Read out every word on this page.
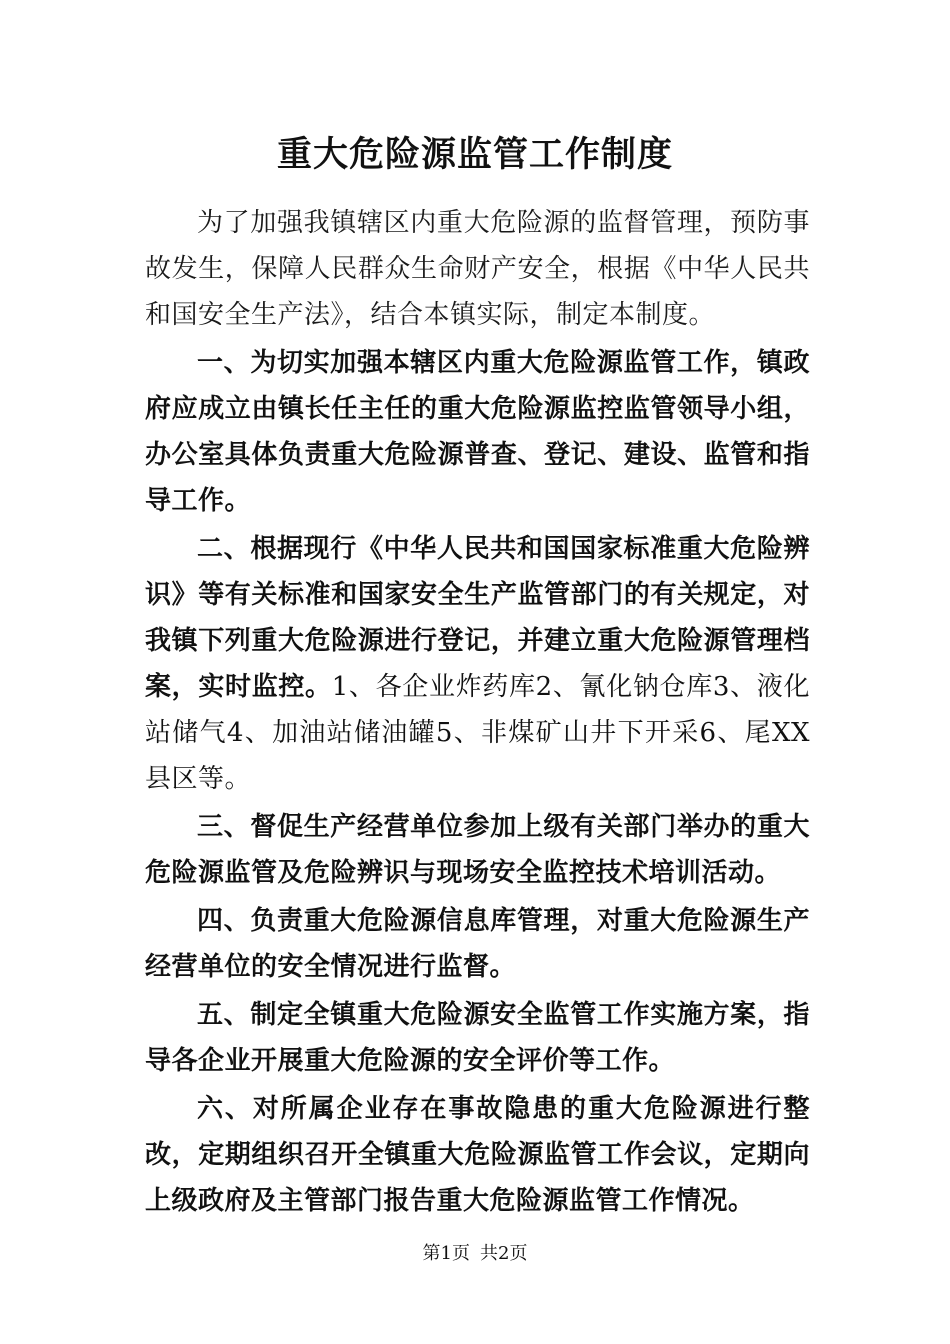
重大危险源监管工作制度

为了加强我镇辖区内重大危险源的监督管理，预防事故发生，保障人民群众生命财产安全，根据《中华人民共和国安全生产法》，结合本镇实际，制定本制度。

一、为切实加强本辖区内重大危险源监管工作，镇政府应成立由镇长任主任的重大危险源监控监管领导小组，办公室具体负责重大危险源普查、登记、建设、监管和指导工作。

二、根据现行《中华人民共和国国家标准重大危险辨识》等有关标准和国家安全生产监管部门的有关规定，对我镇下列重大危险源进行登记，并建立重大危险源管理档案，实时监控。1、各企业炸药库2、氰化钠仓库3、液化站储气4、加油站储油罐5、非煤矿山井下开采6、尾XX县区等。

三、督促生产经营单位参加上级有关部门举办的重大危险源监管及危险辨识与现场安全监控技术培训活动。

四、负责重大危险源信息库管理，对重大危险源生产经营单位的安全情况进行监督。

五、制定全镇重大危险源安全监管工作实施方案，指导各企业开展重大危险源的安全评价等工作。

六、对所属企业存在事故隐患的重大危险源进行整改，定期组织召开全镇重大危险源监管工作会议，定期向上级政府及主管部门报告重大危险源监管工作情况。

第1页 共2页
